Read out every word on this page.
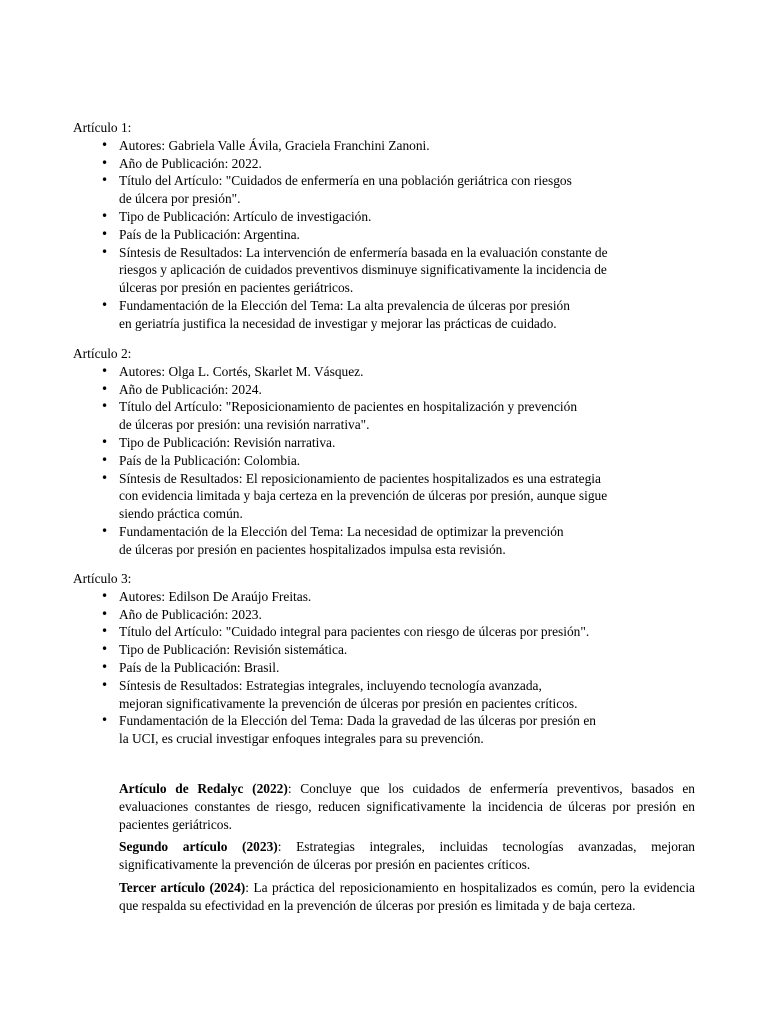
Artículo 1:

• Autores: Gabriela Valle Ávila, Graciela Franchini Zanoni.
• Año de Publicación: 2022.
• Título del Artículo: "Cuidados de enfermería en una población geriátrica con riesgos
de úlcera por presión".
• Tipo de Publicación: Artículo de investigación.
• País de la Publicación: Argentina.
• Síntesis de Resultados: La intervención de enfermería basada en la evaluación constante de
riesgos y aplicación de cuidados preventivos disminuye significativamente la incidencia de
úlceras por presión en pacientes geriátricos.
• Fundamentación de la Elección del Tema: La alta prevalencia de úlceras por presión
en geriatría justifica la necesidad de investigar y mejorar las prácticas de cuidado.

Artículo 2:

• Autores: Olga L. Cortés, Skarlet M. Vásquez.
• Año de Publicación: 2024.
• Título del Artículo: "Reposicionamiento de pacientes en hospitalización y prevención
de úlceras por presión: una revisión narrativa".
• Tipo de Publicación: Revisión narrativa.
• País de la Publicación: Colombia.
• Síntesis de Resultados: El reposicionamiento de pacientes hospitalizados es una estrategia
con evidencia limitada y baja certeza en la prevención de úlceras por presión, aunque sigue
siendo práctica común.
• Fundamentación de la Elección del Tema: La necesidad de optimizar la prevención
de úlceras por presión en pacientes hospitalizados impulsa esta revisión.

Artículo 3:

• Autores: Edilson De Araújo Freitas.
• Año de Publicación: 2023.
• Título del Artículo: "Cuidado integral para pacientes con riesgo de úlceras por presión".
• Tipo de Publicación: Revisión sistemática.
• País de la Publicación: Brasil.
• Síntesis de Resultados: Estrategias integrales, incluyendo tecnología avanzada,
mejoran significativamente la prevención de úlceras por presión en pacientes críticos.
• Fundamentación de la Elección del Tema: Dada la gravedad de las úlceras por presión en
la UCI, es crucial investigar enfoques integrales para su prevención.

Artículo de Redalyc (2022): Concluye que los cuidados de enfermería preventivos, basados en evaluaciones constantes de riesgo, reducen significativamente la incidencia de úlceras por presión en pacientes geriátricos.

Segundo artículo (2023): Estrategias integrales, incluidas tecnologías avanzadas, mejoran significativamente la prevención de úlceras por presión en pacientes críticos.

Tercer artículo (2024): La práctica del reposicionamiento en hospitalizados es común, pero la evidencia que respalda su efectividad en la prevención de úlceras por presión es limitada y de baja certeza.
